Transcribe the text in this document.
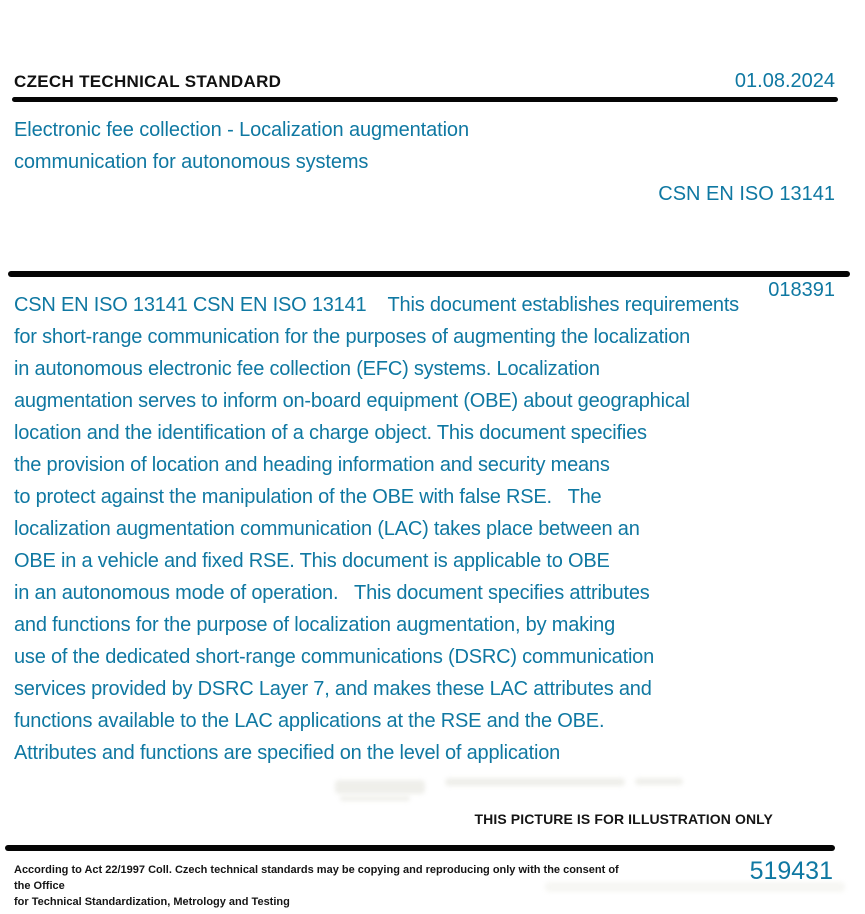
CZECH TECHNICAL STANDARD	01.08.2024
Electronic fee collection - Localization augmentation
communication for autonomous systems

CSN EN ISO 13141

018391

CSN EN ISO 13141 CSN EN ISO 13141    This document establishes requirements
for short-range communication for the purposes of augmenting the localization
in autonomous electronic fee collection (EFC) systems. Localization
augmentation serves to inform on-board equipment (OBE) about geographical
location and the identification of a charge object. This document specifies
the provision of location and heading information and security means
to protect against the manipulation of the OBE with false RSE.   The
localization augmentation communication (LAC) takes place between an
OBE in a vehicle and fixed RSE. This document is applicable to OBE
in an autonomous mode of operation.   This document specifies attributes
and functions for the purpose of localization augmentation, by making
use of the dedicated short-range communications (DSRC) communication
services provided by DSRC Layer 7, and makes these LAC attributes and
functions available to the LAC applications at the RSE and the OBE.
Attributes and functions are specified on the level of application
THIS PICTURE IS FOR ILLUSTRATION ONLY
According to Act 22/1997 Coll. Czech technical standards may be copying and reproducing only with the consent of the Office
for Technical Standardization, Metrology and Testing
519431
